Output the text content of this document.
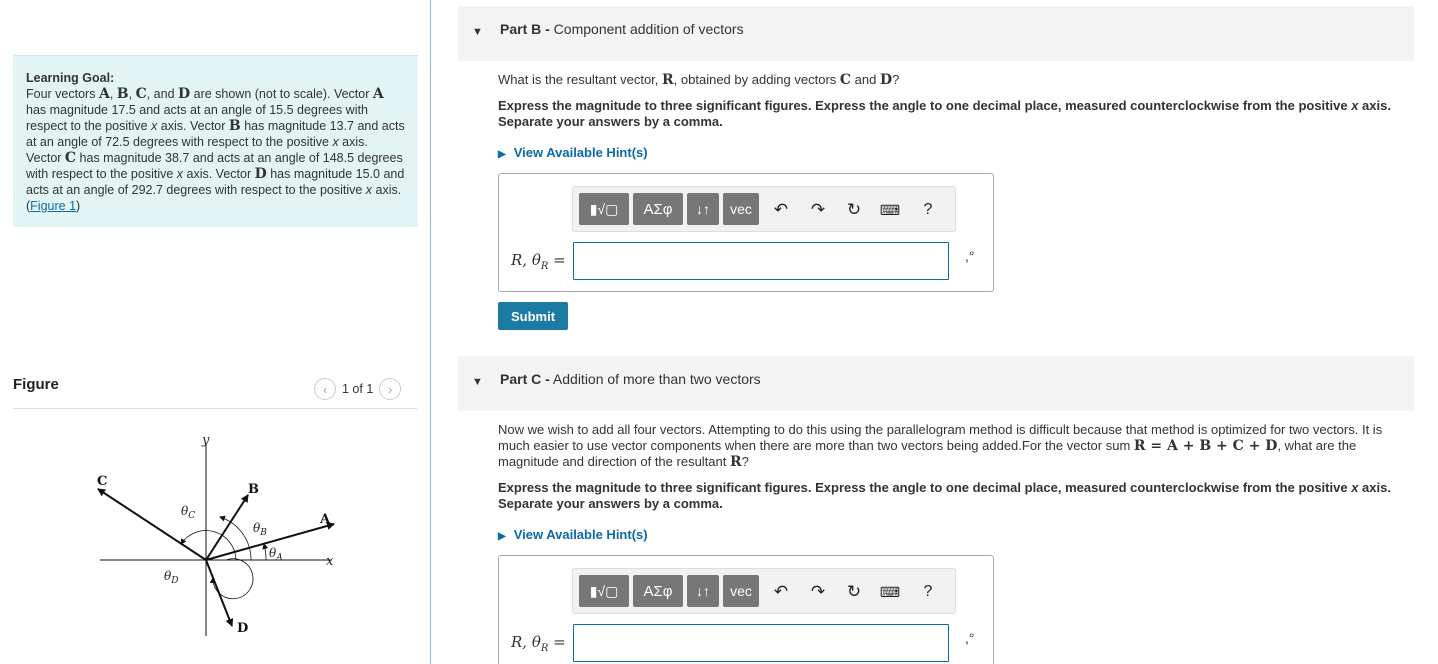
Learning Goal:
Four vectors A, B, C, and D are shown (not to scale). Vector A has magnitude 17.5 and acts at an angle of 15.5 degrees with respect to the positive x axis. Vector B has magnitude 13.7 and acts at an angle of 72.5 degrees with respect to the positive x axis. Vector C has magnitude 38.7 and acts at an angle of 148.5 degrees with respect to the positive x axis. Vector D has magnitude 15.0 and acts at an angle of 292.7 degrees with respect to the positive x axis.(Figure 1)
Figure	‹	1 of 1	›
y
x
A
B
C
D
$\theta_A$
$\theta_B$
$\theta_C$
$\theta_D$
▼ Part B - Component addition of vectors
What is the resultant vector, R, obtained by adding vectors C and D?
Express the magnitude to three significant figures. Express the angle to one decimal place, measured counterclockwise from the positive x axis. Separate your answers by a comma.
▶ View Available Hint(s)
▮√▢	ΑΣφ	↓↑	vec	↶	↷	↻	⌨	?
R, $\theta_R$ =	,°
Submit
▼ Part C - Addition of more than two vectors
Now we wish to add all four vectors. Attempting to do this using the parallelogram method is difficult because that method is optimized for two vectors. It is much easier to use vector components when there are more than two vectors being added.For the vector sum R = A + B + C + D, what are the magnitude and direction of the resultant R?
Express the magnitude to three significant figures. Express the angle to one decimal place, measured counterclockwise from the positive x axis. Separate your answers by a comma.
▶ View Available Hint(s)
▮√▢	ΑΣφ	↓↑	vec	↶	↷	↻	⌨	?
R, $\theta_R$ =	,°
